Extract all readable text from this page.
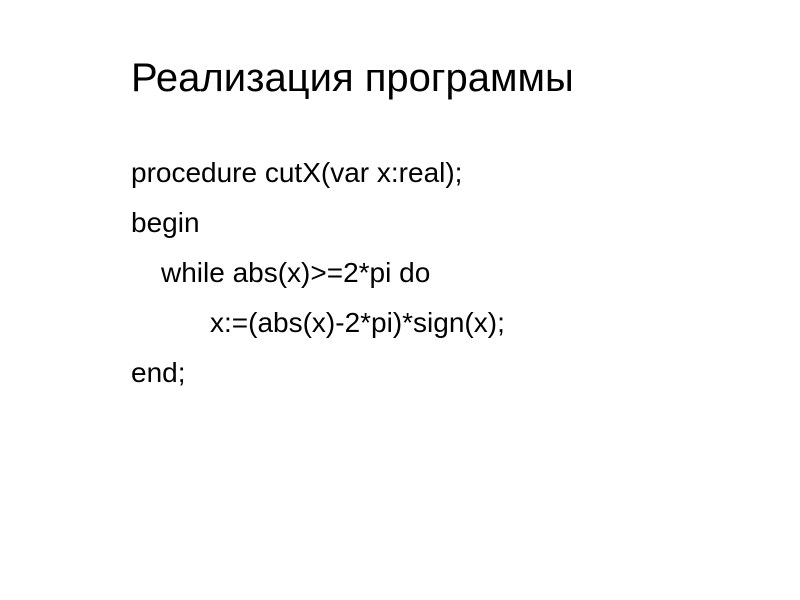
Реализация программы
procedure cutX(var x:real);
begin
while abs(x)>=2*pi do
x:=(abs(x)-2*pi)*sign(x);
end;
